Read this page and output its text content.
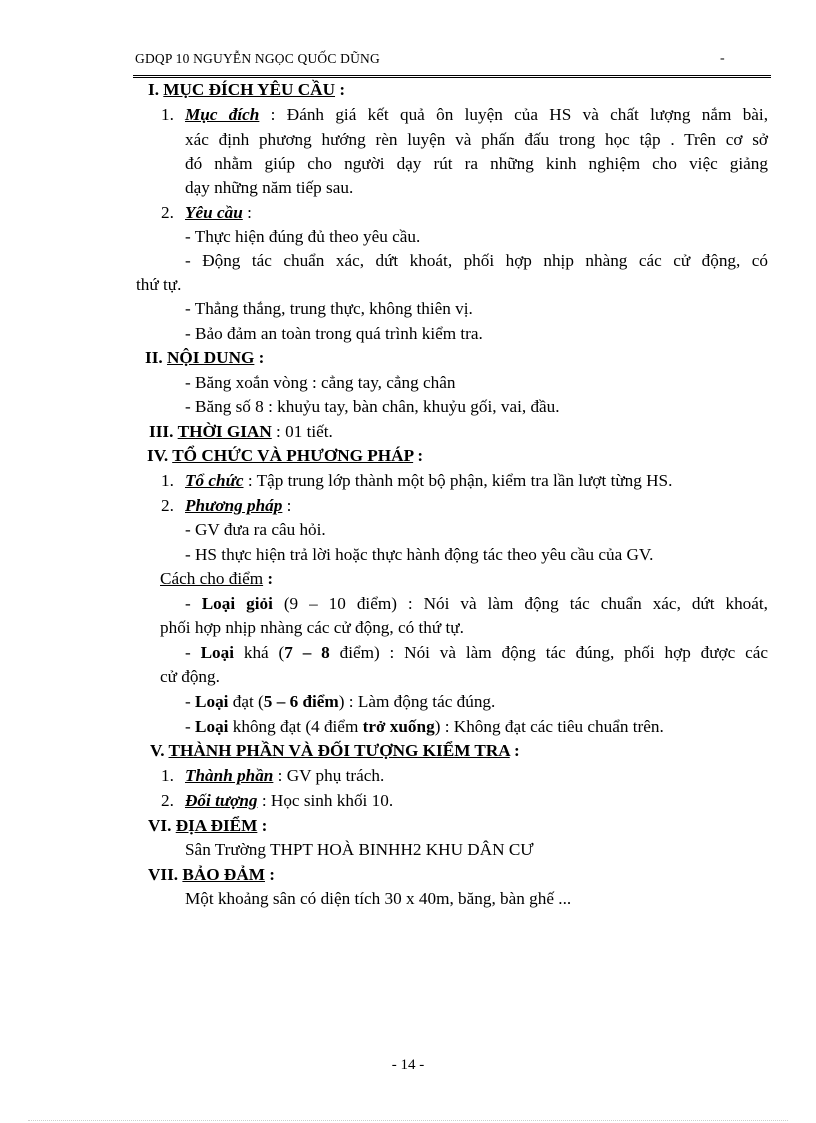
GDQP 10 NGUYỄN NGỌC QUỐC DŨNG	-
I. MỤC ĐÍCH YÊU CẦU :
1. Mục đích : Đánh giá kết quả ôn luyện của HS và chất lượng nắm bài,
xác định phương hướng rèn luyện và phấn đấu trong học tập . Trên cơ sở
đó nhằm giúp cho người dạy rút ra những kinh nghiệm cho việc giảng
dạy những năm tiếp sau.
2. Yêu cầu :
- Thực hiện đúng đủ theo yêu cầu.
- Động tác chuẩn xác, dứt khoát, phối hợp nhịp nhàng các cử động, có
thứ tự.
- Thẳng thắng, trung thực, không thiên vị.
- Bảo đảm an toàn trong quá trình kiểm tra.
II. NỘI DUNG :
- Băng xoắn vòng : cẳng tay, cẳng chân
- Băng số 8 : khuỷu tay, bàn chân, khuỷu gối, vai, đầu.
III. THỜI GIAN : 01 tiết.
IV. TỔ CHỨC VÀ PHƯƠNG PHÁP :
1. Tổ chức : Tập trung lớp thành một bộ phận, kiểm tra lần lượt từng HS.
2. Phương pháp :
- GV đưa ra câu hỏi.
- HS thực hiện trả lời hoặc thực hành động tác theo yêu cầu của GV.
Cách cho điểm :
- Loại giỏi (9 – 10 điểm) : Nói và làm động tác chuẩn xác, dứt khoát,
phối hợp nhịp nhàng các cử động, có thứ tự.
- Loại khá (7 – 8 điểm) : Nói và làm động tác đúng, phối hợp được các
cử động.
- Loại đạt (5 – 6 điểm) : Làm động tác đúng.
- Loại không đạt (4 điểm trở xuống) : Không đạt các tiêu chuẩn trên.
V. THÀNH PHẦN VÀ ĐỐI TƯỢNG KIỂM TRA :
1. Thành phần : GV phụ trách.
2. Đối tượng : Học sinh khối 10.
VI. ĐỊA ĐIỂM :
Sân Trường THPT HOÀ BINHH2 KHU DÂN CƯ
VII. BẢO ĐẢM :
Một khoảng sân có diện tích 30 x 40m, băng, bàn ghế ...
- 14 -
